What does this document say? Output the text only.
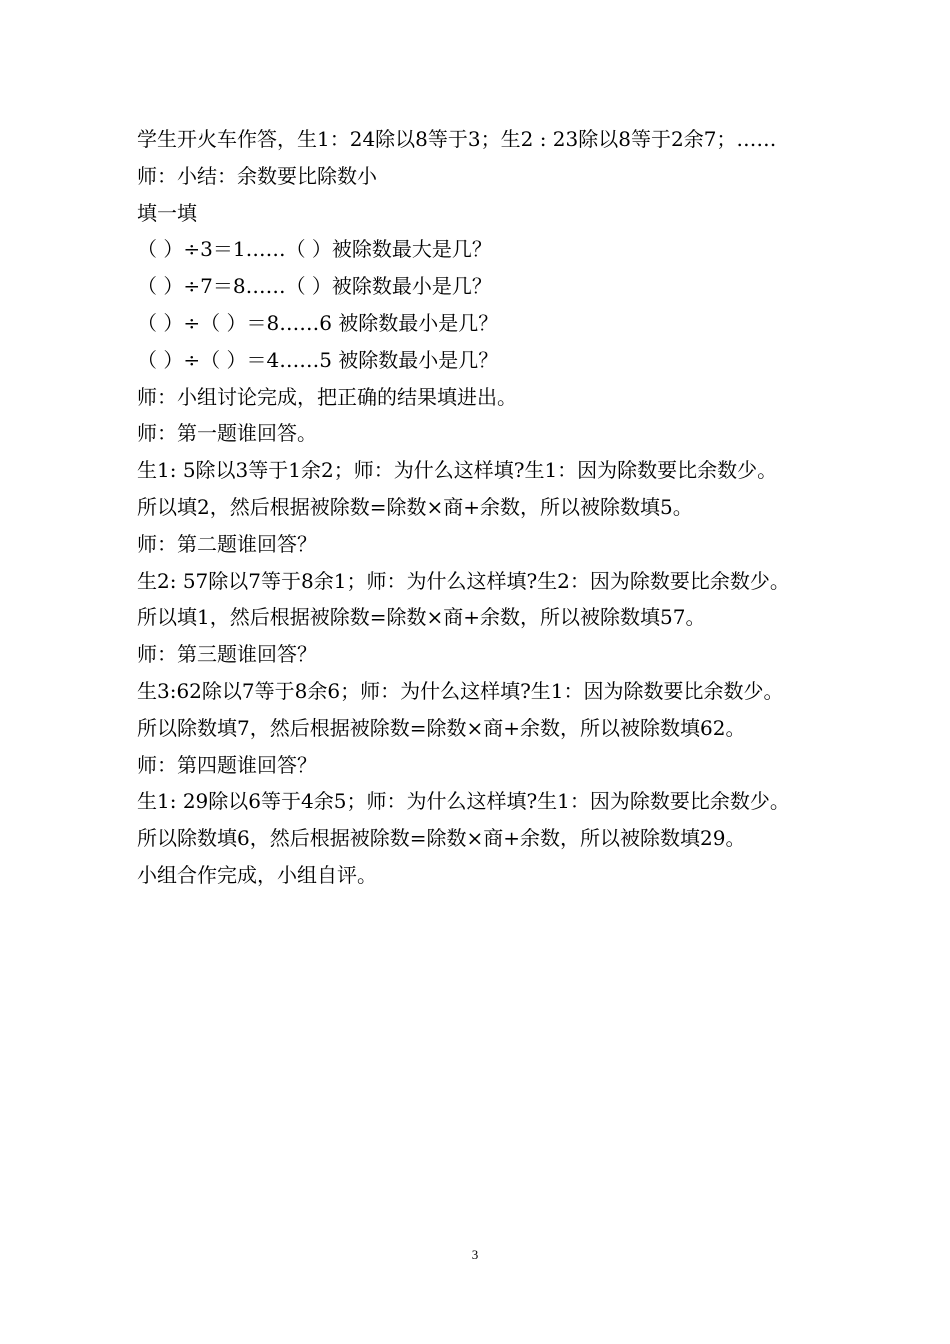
学生开火车作答，生1：24除以8等于3；生2 : 23除以8等于2余7；……
师：小结：余数要比除数小
填一填
（ ）÷3＝1……（ ）被除数最大是几？
（ ）÷7＝8……（ ）被除数最小是几？
（ ）÷（ ）＝8……6 被除数最小是几？
（ ）÷（ ）＝4……5 被除数最小是几？
师：小组讨论完成，把正确的结果填进出。
师：第一题谁回答。
生1: 5除以3等于1余2；师：为什么这样填?生1：因为除数要比余数少。
所以填2，然后根据被除数=除数×商+余数，所以被除数填5。
师：第二题谁回答？
生2: 57除以7等于8余1；师：为什么这样填?生2：因为除数要比余数少。
所以填1，然后根据被除数=除数×商+余数，所以被除数填57。
师：第三题谁回答？
生3:62除以7等于8余6；师：为什么这样填?生1：因为除数要比余数少。
所以除数填7，然后根据被除数=除数×商+余数，所以被除数填62。
师：第四题谁回答？
生1: 29除以6等于4余5；师：为什么这样填?生1：因为除数要比余数少。
所以除数填6，然后根据被除数=除数×商+余数，所以被除数填29。
小组合作完成，小组自评。
3
